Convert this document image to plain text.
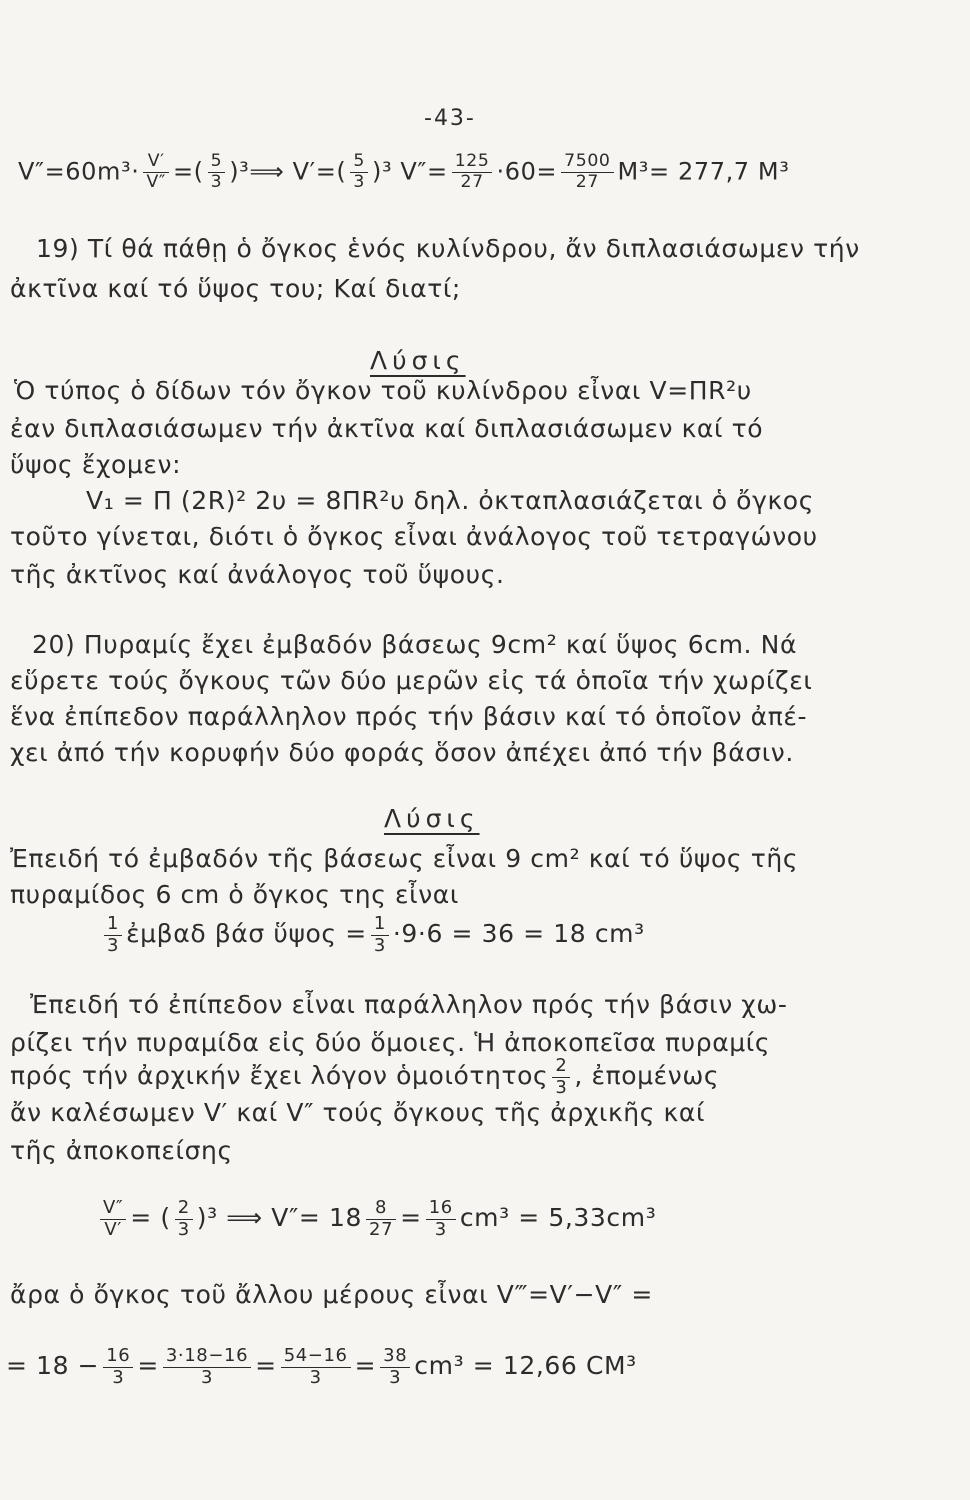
-43-
$V''=60m^3\cdot \frac{V'}{V''}$ =( $\frac{5}{3}$ )³⟹ $V'=( \frac{5}{3} )^3$ $V''= \frac{125}{27} \cdot 60= \frac{7500}{27} M^3= 277,7$ M³
19) Τί θά πάθῃ ὁ ὄγκος ἑνός κυλίνδρου, ἄν διπλασιάσωμεν τήν
ἀκτῖνα καί τό ὕψος του; Καί διατί;
Λύσις
Ὁ τύπος ὁ δίδων τόν ὄγκον τοῦ κυλίνδρου εἶναι V=ΠR²υ
ἐαν διπλασιάσωμεν τήν ἀκτῖνα καί διπλασιάσωμεν καί τό
ὕψος ἔχομεν:
V₁ = Π (2R)² 2υ = 8ΠR²υ δηλ. ὀκταπλασιάζεται ὁ ὄγκος
τοῦτο γίνεται, διότι ὁ ὄγκος εἶναι ἀνάλογος τοῦ τετραγώνου
τῆς ἀκτῖνος καί ἀνάλογος τοῦ ὕψους.
20) Πυραμίς ἔχει ἐμβαδόν βάσεως 9cm² καί ὕψος 6cm. Νά
εὕρετε τούς ὄγκους τῶν δύο μερῶν εἰς τά ὁποῖα τήν χωρίζει
ἕνα ἐπίπεδον παράλληλον πρός τήν βάσιν καί τό ὁποῖον ἀπέ-
χει ἀπό τήν κορυφήν δύο φοράς ὅσον ἀπέχει ἀπό τήν βάσιν.
Λύσις
Ἐπειδή τό ἐμβαδόν τῆς βάσεως εἶναι 9 cm² καί τό ὕψος τῆς
πυραμίδος 6 cm ὁ ὄγκος της εἶναι
$\frac{1}{3}$ ἐμβαδ βάσ ὕψος = $\frac{1}{3} \cdot 9\cdot 6 = 36 = 18$ cm³
Ἐπειδή τό ἐπίπεδον εἶναι παράλληλον πρός τήν βάσιν χω-
ρίζει τήν πυραμίδα εἰς δύο ὅμοιες. Ἡ ἀποκοπεῖσα πυραμίς
πρός τήν ἀρχικήν ἔχει λόγον ὁμοιότητος $\frac{2}{3}$ , ἐπομένως
ἄν καλέσωμεν V′ καί V″ τούς ὄγκους τῆς ἀρχικῆς καί
τῆς ἀποκοπείσης
$\frac{V''}{V'}$ = ( $\frac{2}{3} )^3$ ⟹ $V''= 18 \frac{8}{27} = \frac{16}{3} cm^3 = 5,33cm^3$
ἄρα ὁ ὄγκος τοῦ ἄλλου μέρους εἶναι V‴=V′−V″ =
= $18 - \frac{16}{3} = \frac{3\cdot 18-16}{3} = \frac{54-16}{3} = \frac{38}{3} cm^3 = 12,66$ CM³
